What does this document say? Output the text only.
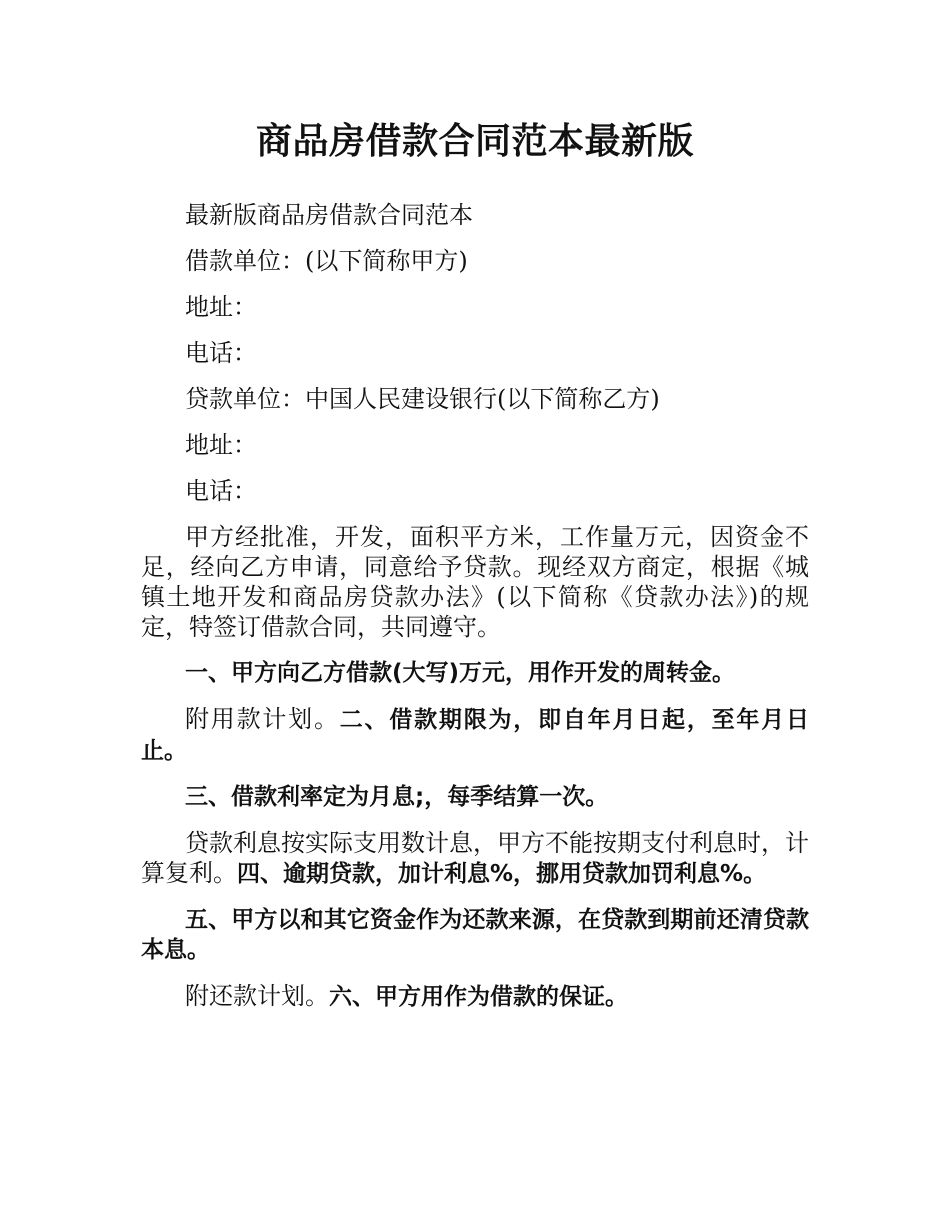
商品房借款合同范本最新版

最新版商品房借款合同范本

借款单位：(以下简称甲方)

地址：

电话：

贷款单位：中国人民建设银行(以下简称乙方)

地址：

电话：

甲方经批准，开发，面积平方米，工作量万元，因资金不足，经向乙方申请，同意给予贷款。现经双方商定，根据《城镇土地开发和商品房贷款办法》(以下简称《贷款办法》)的规定，特签订借款合同，共同遵守。

一、甲方向乙方借款(大写)万元，用作开发的周转金。

附用款计划。二、借款期限为，即自年月日起，至年月日止。

三、借款利率定为月息;，每季结算一次。

贷款利息按实际支用数计息，甲方不能按期支付利息时，计算复利。四、逾期贷款，加计利息%，挪用贷款加罚利息%。

五、甲方以和其它资金作为还款来源，在贷款到期前还清贷款本息。

附还款计划。六、甲方用作为借款的保证。
